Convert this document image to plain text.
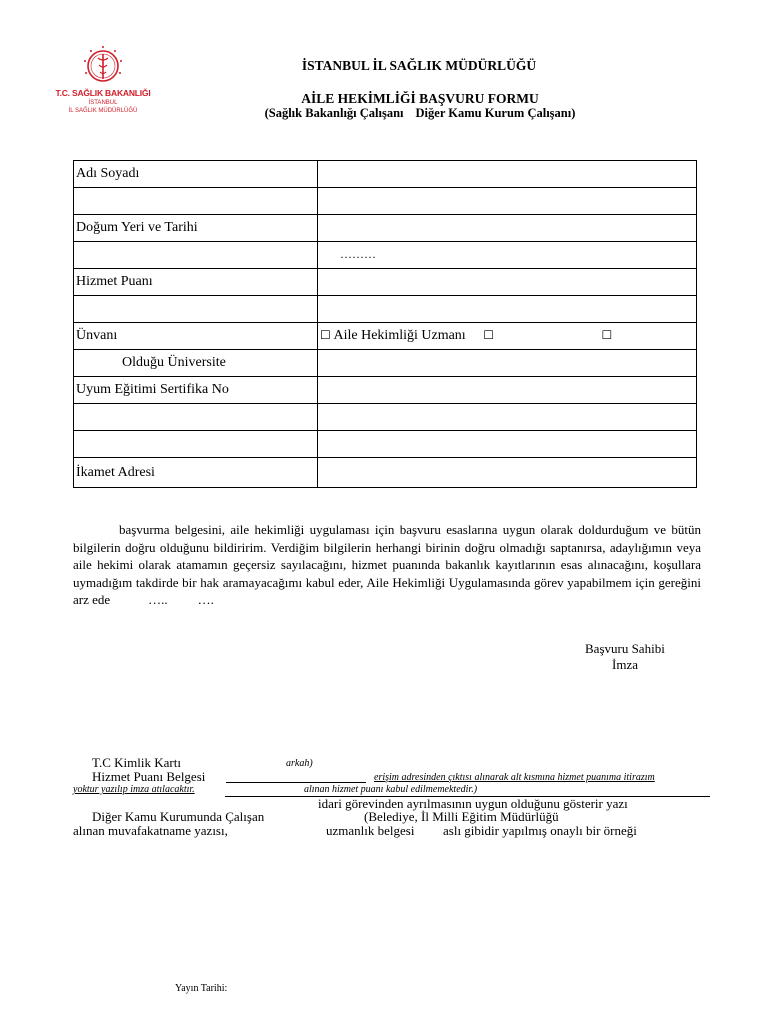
T.C. SAĞLIK BAKANLIĞI
İSTANBUL
İL SAĞLIK MÜDÜRLÜĞÜ
İSTANBUL İL SAĞLIK MÜDÜRLÜĞÜ
AİLE HEKİMLİĞİ BAŞVURU FORMU
(Sağlık Bakanlığı Çalışanı Diğer Kamu Kurum Çalışanı)
Adı Soyadı	

Doğum Yeri ve Tarihi	
	………
Hizmet Puanı	

Ünvanı	☐ Aile Hekimliği Uzmanı ☐ ☐
Olduğu Üniversite	
Uyum Eğitimi Sertifika No	

İkamet Adresi	
başvurma belgesini, aile hekimliği uygulaması için başvuru esaslarına uygun olarak doldurduğum ve bütün bilgilerin doğru olduğunu bildiririm. Verdiğim bilgilerin herhangi birinin doğru olmadığı saptanırsa, adaylığımın veya aile hekimi olarak atamamın geçersiz sayılacağını, hizmet puanında bakanlık kayıtlarının esas alınacağını, koşullara uymadığım takdirde bir hak aramayacağımı kabul eder, Aile Hekimliği Uygulamasında görev yapabilmem için gereğini arz ede	….. ….
Başvuru Sahibi
İmza
T.C Kimlik Kartı	arkah)
Hizmet Puanı Belgesi	erişim adresinden çıktısı alınarak alt kısmına hizmet puanıma itirazım
yoktur yazılıp imza atılacaktır.	alınan hizmet puanı kabul edilmemektedir.)
idari görevinden ayrılmasının uygun olduğunu gösterir yazı
Diğer Kamu Kurumunda Çalışan	(Belediye, İl Milli Eğitim Müdürlüğü
alınan muvafakatname yazısı,	uzmanlık belgesi aslı gibidir yapılmış onaylı bir örneği
Yayın Tarihi:
